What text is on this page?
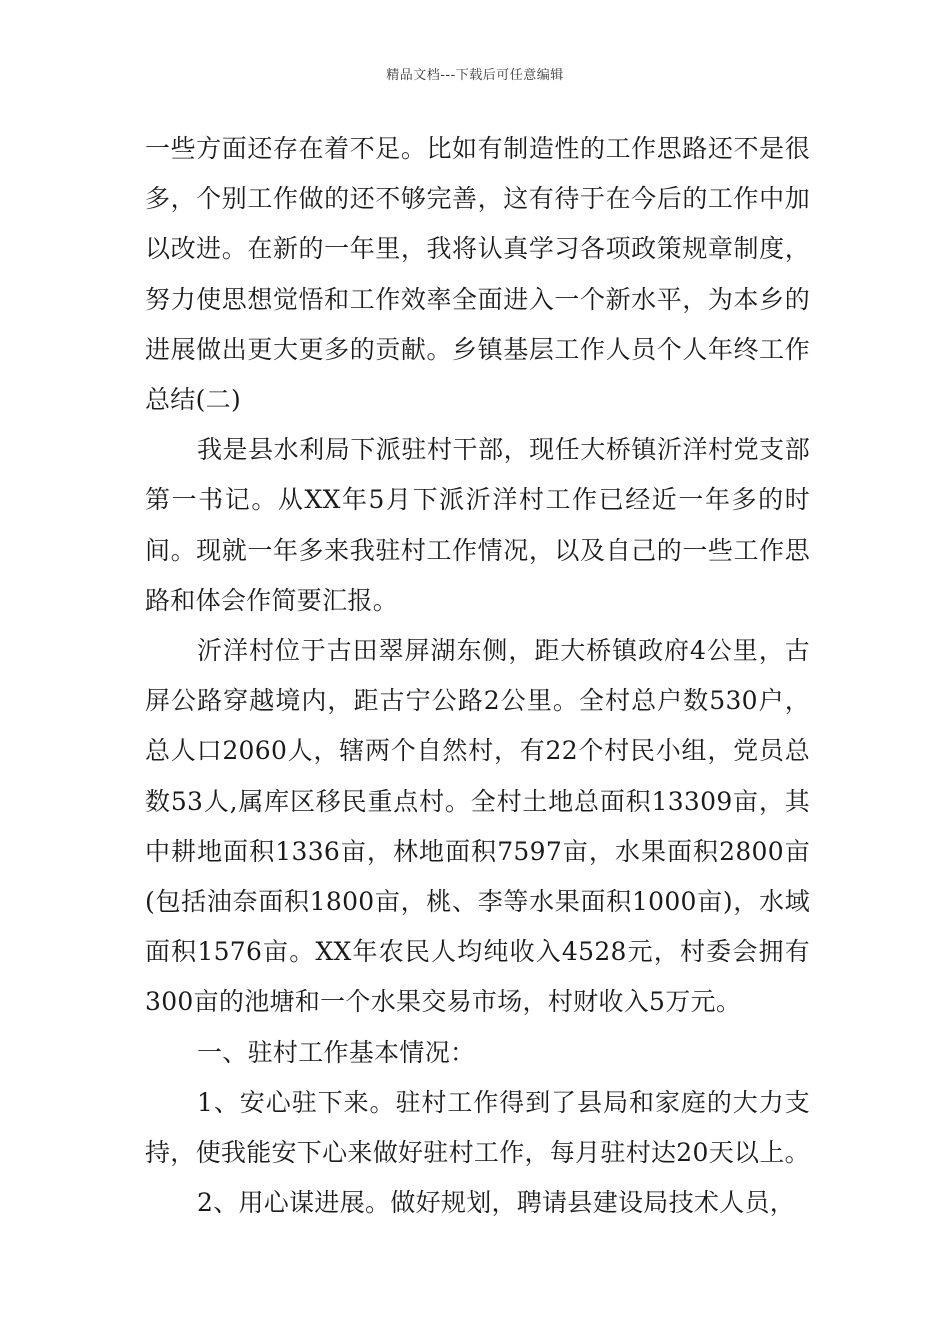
精品文档---下载后可任意编辑

一些方面还存在着不足。比如有制造性的工作思路还不是很多，个别工作做的还不够完善，这有待于在今后的工作中加以改进。在新的一年里，我将认真学习各项政策规章制度，努力使思想觉悟和工作效率全面进入一个新水平，为本乡的进展做出更大更多的贡献。乡镇基层工作人员个人年终工作总结(二)

我是县水利局下派驻村干部，现任大桥镇沂洋村党支部第一书记。从XX年5月下派沂洋村工作已经近一年多的时间。现就一年多来我驻村工作情况，以及自己的一些工作思路和体会作简要汇报。

沂洋村位于古田翠屏湖东侧，距大桥镇政府4公里，古屏公路穿越境内，距古宁公路2公里。全村总户数530户，总人口2060人，辖两个自然村，有22个村民小组，党员总数53人,属库区移民重点村。全村土地总面积13309亩，其中耕地面积1336亩，林地面积7597亩，水果面积2800亩(包括油奈面积1800亩，桃、李等水果面积1000亩)，水域面积1576亩。XX年农民人均纯收入4528元，村委会拥有300亩的池塘和一个水果交易市场，村财收入5万元。

一、驻村工作基本情况：

1、安心驻下来。驻村工作得到了县局和家庭的大力支持，使我能安下心来做好驻村工作，每月驻村达20天以上。

2、用心谋进展。做好规划，聘请县建设局技术人员，
